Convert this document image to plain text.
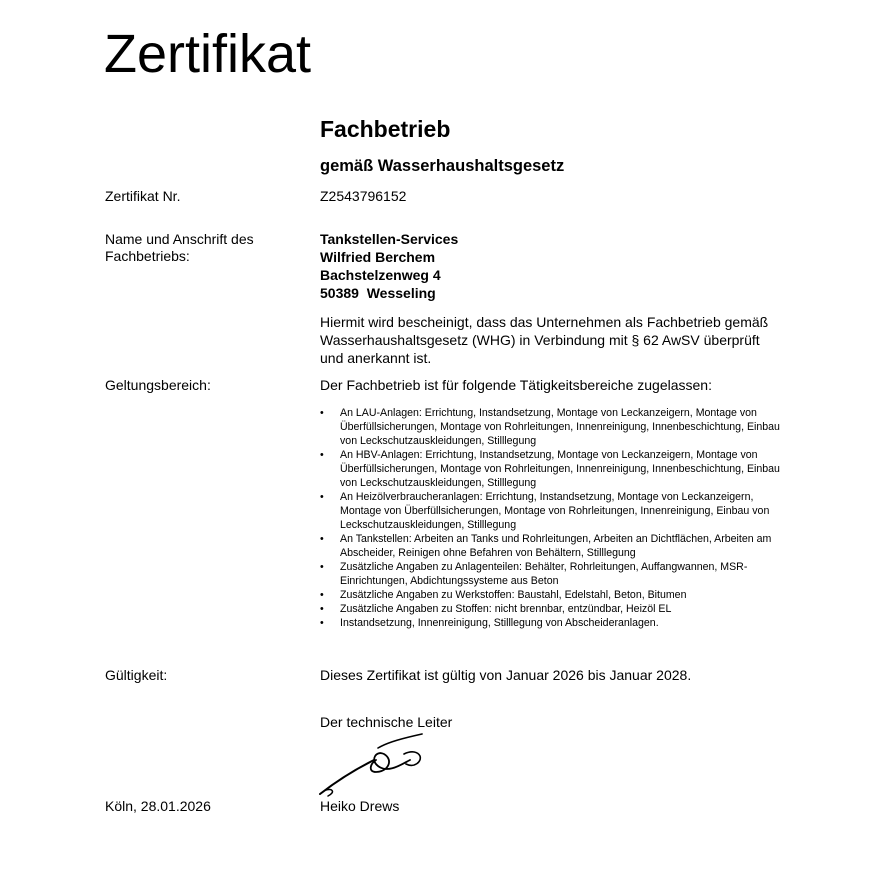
Zertifikat
Fachbetrieb
gemäß Wasserhaushaltsgesetz
Zertifikat Nr.	Z2543796152
Name und Anschrift des Fachbetriebs:
Tankstellen-Services
Wilfried Berchem
Bachstelzenweg 4
50389  Wesseling
Hiermit wird bescheinigt, dass das Unternehmen als Fachbetrieb gemäß Wasserhaushaltsgesetz (WHG) in Verbindung mit § 62 AwSV überprüft und anerkannt ist.
Geltungsbereich:	Der Fachbetrieb ist für folgende Tätigkeitsbereiche zugelassen:
• An LAU-Anlagen: Errichtung, Instandsetzung, Montage von Leckanzeigern, Montage von Überfüllsicherungen, Montage von Rohrleitungen, Innenreinigung, Innenbeschichtung, Einbau von Leckschutzauskleidungen, Stilllegung
• An HBV-Anlagen: Errichtung, Instandsetzung, Montage von Leckanzeigern, Montage von Überfüllsicherungen, Montage von Rohrleitungen, Innenreinigung, Innenbeschichtung, Einbau von Leckschutzauskleidungen, Stilllegung
• An Heizölverbraucheranlagen: Errichtung, Instandsetzung, Montage von Leckanzeigern, Montage von Überfüllsicherungen, Montage von Rohrleitungen, Innenreinigung, Einbau von Leckschutzauskleidungen, Stilllegung
• An Tankstellen: Arbeiten an Tanks und Rohrleitungen, Arbeiten an Dichtflächen, Arbeiten am Abscheider, Reinigen ohne Befahren von Behältern, Stilllegung
• Zusätzliche Angaben zu Anlagenteilen: Behälter, Rohrleitungen, Auffangwannen, MSR-Einrichtungen, Abdichtungssysteme aus Beton
• Zusätzliche Angaben zu Werkstoffen: Baustahl, Edelstahl, Beton, Bitumen
• Zusätzliche Angaben zu Stoffen: nicht brennbar, entzündbar, Heizöl EL
• Instandsetzung, Innenreinigung, Stilllegung von Abscheideranlagen.
Gültigkeit:	Dieses Zertifikat ist gültig von Januar 2026 bis Januar 2028.
Der technische Leiter
Köln, 28.01.2026	Heiko Drews
